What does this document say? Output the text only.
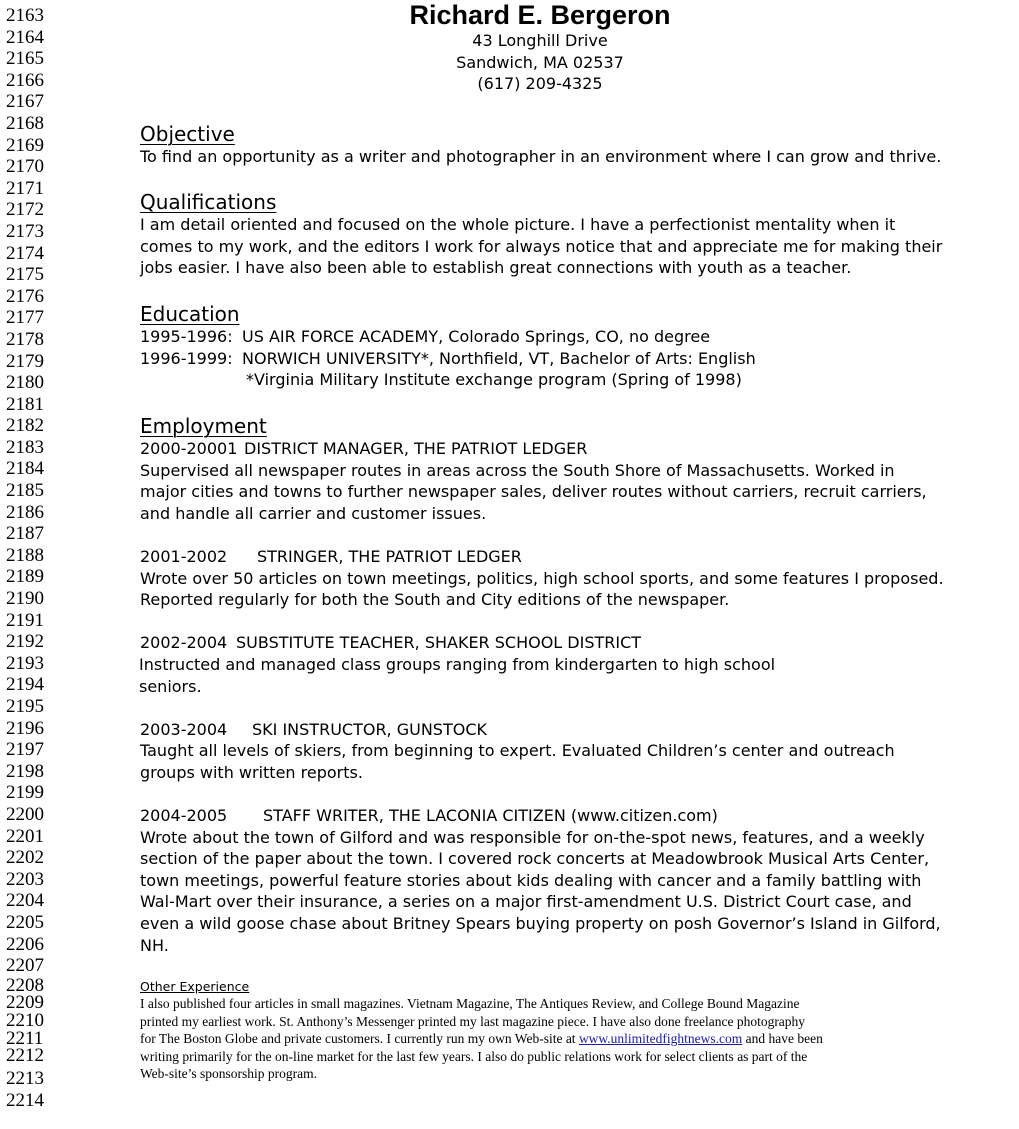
2163
2164
2165
2166
2167
2168
2169
2170
2171
2172
2173
2174
2175
2176
2177
2178
2179
2180
2181
2182
2183
2184
2185
2186
2187
2188
2189
2190
2191
2192
2193
2194
2195
2196
2197
2198
2199
2200
2201
2202
2203
2204
2205
2206
2207
2208
2209
2210
2211
2212
2213
2214
Richard E. Bergeron
43 Longhill Drive
Sandwich, MA 02537
(617) 209-4325
Objective
To find an opportunity as a writer and photographer in an environment where I can grow and thrive.
Qualifications
I am detail oriented and focused on the whole picture. I have a perfectionist mentality when it
comes to my work, and the editors I work for always notice that and appreciate me for making their
jobs easier. I have also been able to establish great connections with youth as a teacher.
Education
1995-1996: US AIR FORCE ACADEMY, Colorado Springs, CO, no degree
1996-1999: NORWICH UNIVERSITY*, Northfield, VT, Bachelor of Arts: English
*Virginia Military Institute exchange program (Spring of 1998)
Employment
2000-20001 DISTRICT MANAGER, THE PATRIOT LEDGER
Supervised all newspaper routes in areas across the South Shore of Massachusetts. Worked in
major cities and towns to further newspaper sales, deliver routes without carriers, recruit carriers,
and handle all carrier and customer issues.
2001-2002 STRINGER, THE PATRIOT LEDGER
Wrote over 50 articles on town meetings, politics, high school sports, and some features I proposed.
Reported regularly for both the South and City editions of the newspaper.
2002-2004 SUBSTITUTE TEACHER, SHAKER SCHOOL DISTRICT
Instructed and managed class groups ranging from kindergarten to high school
seniors.
2003-2004 SKI INSTRUCTOR, GUNSTOCK
Taught all levels of skiers, from beginning to expert. Evaluated Children’s center and outreach
groups with written reports.
2004-2005 STAFF WRITER, THE LACONIA CITIZEN (www.citizen.com)
Wrote about the town of Gilford and was responsible for on-the-spot news, features, and a weekly
section of the paper about the town. I covered rock concerts at Meadowbrook Musical Arts Center,
town meetings, powerful feature stories about kids dealing with cancer and a family battling with
Wal-Mart over their insurance, a series on a major first-amendment U.S. District Court case, and
even a wild goose chase about Britney Spears buying property on posh Governor’s Island in Gilford,
NH.
Other Experience
I also published four articles in small magazines. Vietnam Magazine, The Antiques Review, and College Bound Magazine
printed my earliest work. St. Anthony’s Messenger printed my last magazine piece. I have also done freelance photography
for The Boston Globe and private customers. I currently run my own Web-site at www.unlimitedfightnews.com and have been
writing primarily for the on-line market for the last few years. I also do public relations work for select clients as part of the
Web-site’s sponsorship program.
